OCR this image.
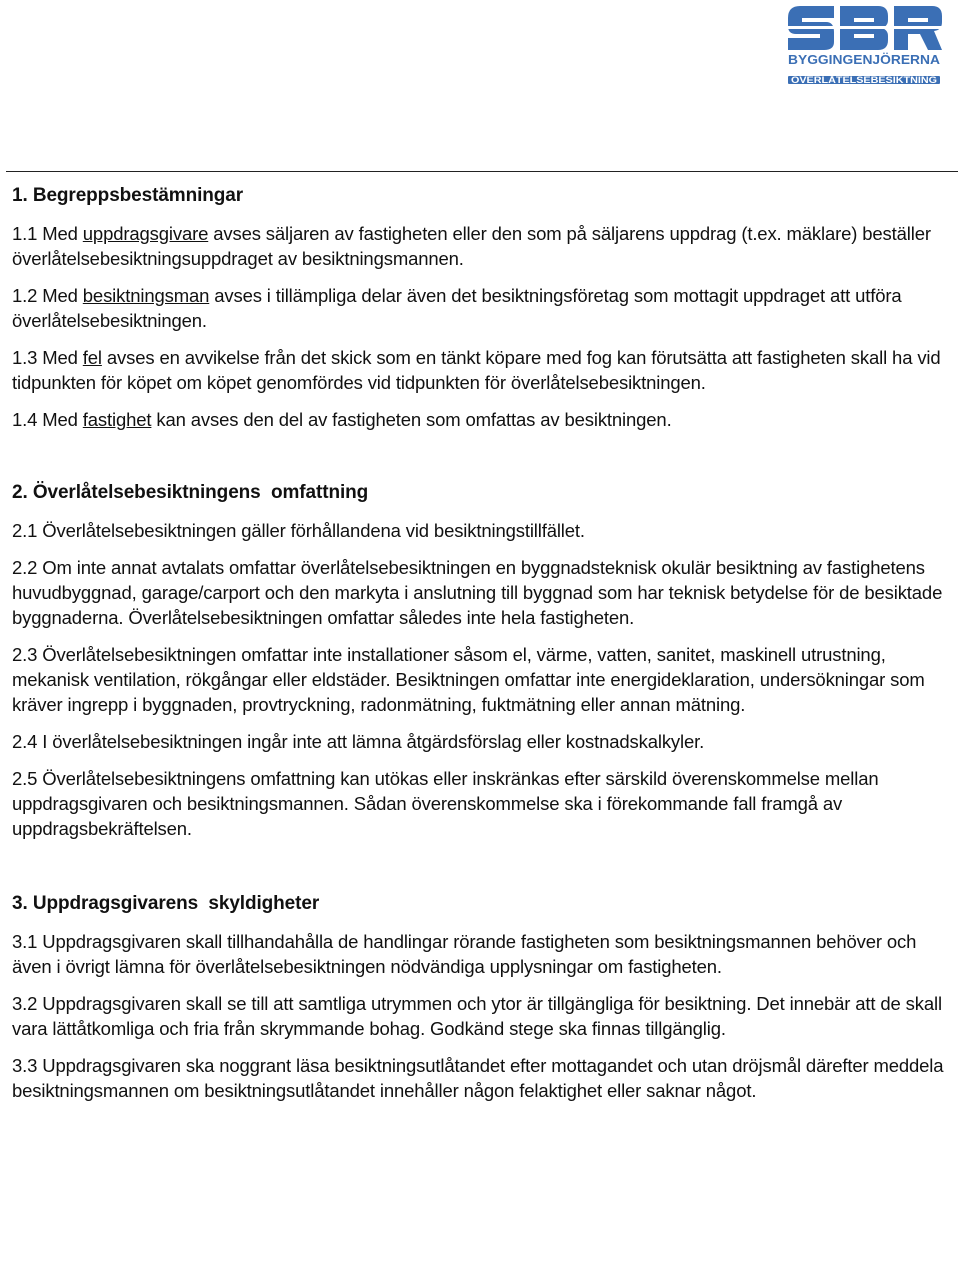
BYGGINGENJÖRERNA
ÖVERLÅTELSEBESIKTNING
1. Begreppsbestämningar
1.1 Med uppdragsgivare avses säljaren av fastigheten eller den som på säljarens uppdrag (t.ex. mäklare) beställer överlåtelsebesiktningsuppdraget av besiktningsmannen.
1.2 Med besiktningsman avses i tillämpliga delar även det besiktningsföretag som mottagit uppdraget att utföra överlåtelsebesiktningen.
1.3 Med fel avses en avvikelse från det skick som en tänkt köpare med fog kan förutsätta att fastigheten skall ha vid tidpunkten för köpet om köpet genomfördes vid tidpunkten för överlåtelsebesiktningen.
1.4 Med fastighet kan avses den del av fastigheten som omfattas av besiktningen.
2. Överlåtelsebesiktningens  omfattning
2.1 Överlåtelsebesiktningen gäller förhållandena vid besiktningstillfället.
2.2 Om inte annat avtalats omfattar överlåtelsebesiktningen en byggnadsteknisk okulär besiktning av fastighetens huvudbyggnad, garage/carport och den markyta i anslutning till byggnad som har teknisk betydelse för de besiktade byggnaderna. Överlåtelsebesiktningen omfattar således inte hela fastigheten.
2.3 Överlåtelsebesiktningen omfattar inte installationer såsom el, värme, vatten, sanitet, maskinell utrustning, mekanisk ventilation, rökgångar eller eldstäder. Besiktningen omfattar inte energideklaration, undersökningar som kräver ingrepp i byggnaden, provtryckning, radonmätning, fuktmätning eller annan mätning.
2.4 I överlåtelsebesiktningen ingår inte att lämna åtgärdsförslag eller kostnadskalkyler.
2.5 Överlåtelsebesiktningens omfattning kan utökas eller inskränkas efter särskild överenskommelse mellan uppdragsgivaren och besiktningsmannen. Sådan överenskommelse ska i förekommande fall framgå av uppdragsbekräftelsen.
3. Uppdragsgivarens  skyldigheter
3.1 Uppdragsgivaren skall tillhandahålla de handlingar rörande fastigheten som besiktningsmannen behöver och även i övrigt lämna för överlåtelsebesiktningen nödvändiga upplysningar om fastigheten.
3.2 Uppdragsgivaren skall se till att samtliga utrymmen och ytor är tillgängliga för besiktning. Det innebär att de skall vara lättåtkomliga och fria från skrymmande bohag. Godkänd stege ska finnas tillgänglig.
3.3 Uppdragsgivaren ska noggrant läsa besiktningsutlåtandet efter mottagandet och utan dröjsmål därefter meddela besiktningsmannen om besiktningsutlåtandet innehåller någon felaktighet eller saknar något.
